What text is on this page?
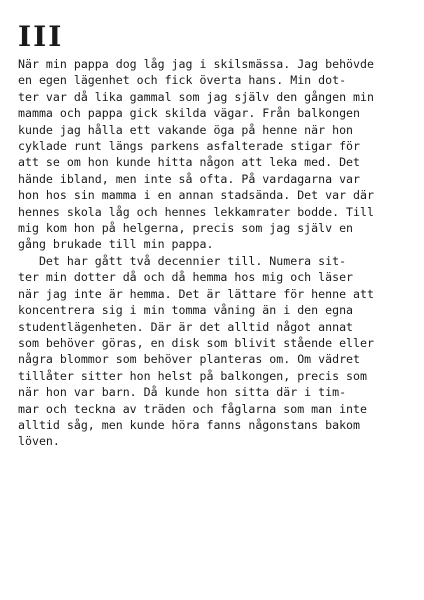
III

När min pappa dog låg jag i skilsmässa. Jag behövde
en egen lägenhet och fick överta hans. Min dot-
ter var då lika gammal som jag själv den gången min
mamma och pappa gick skilda vägar. Från balkongen
kunde jag hålla ett vakande öga på henne när hon
cyklade runt längs parkens asfalterade stigar för
att se om hon kunde hitta någon att leka med. Det
hände ibland, men inte så ofta. På vardagarna var
hon hos sin mamma i en annan stadsända. Det var där
hennes skola låg och hennes lekkamrater bodde. Till
mig kom hon på helgerna, precis som jag själv en
gång brukade till min pappa.

Det har gått två decennier till. Numera sit-
ter min dotter då och då hemma hos mig och läser
när jag inte är hemma. Det är lättare för henne att
koncentrera sig i min tomma våning än i den egna
studentlägenheten. Där är det alltid något annat
som behöver göras, en disk som blivit stående eller
några blommor som behöver planteras om. Om vädret
tillåter sitter hon helst på balkongen, precis som
när hon var barn. Då kunde hon sitta där i tim-
mar och teckna av träden och fåglarna som man inte
alltid såg, men kunde höra fanns någonstans bakom
löven.
